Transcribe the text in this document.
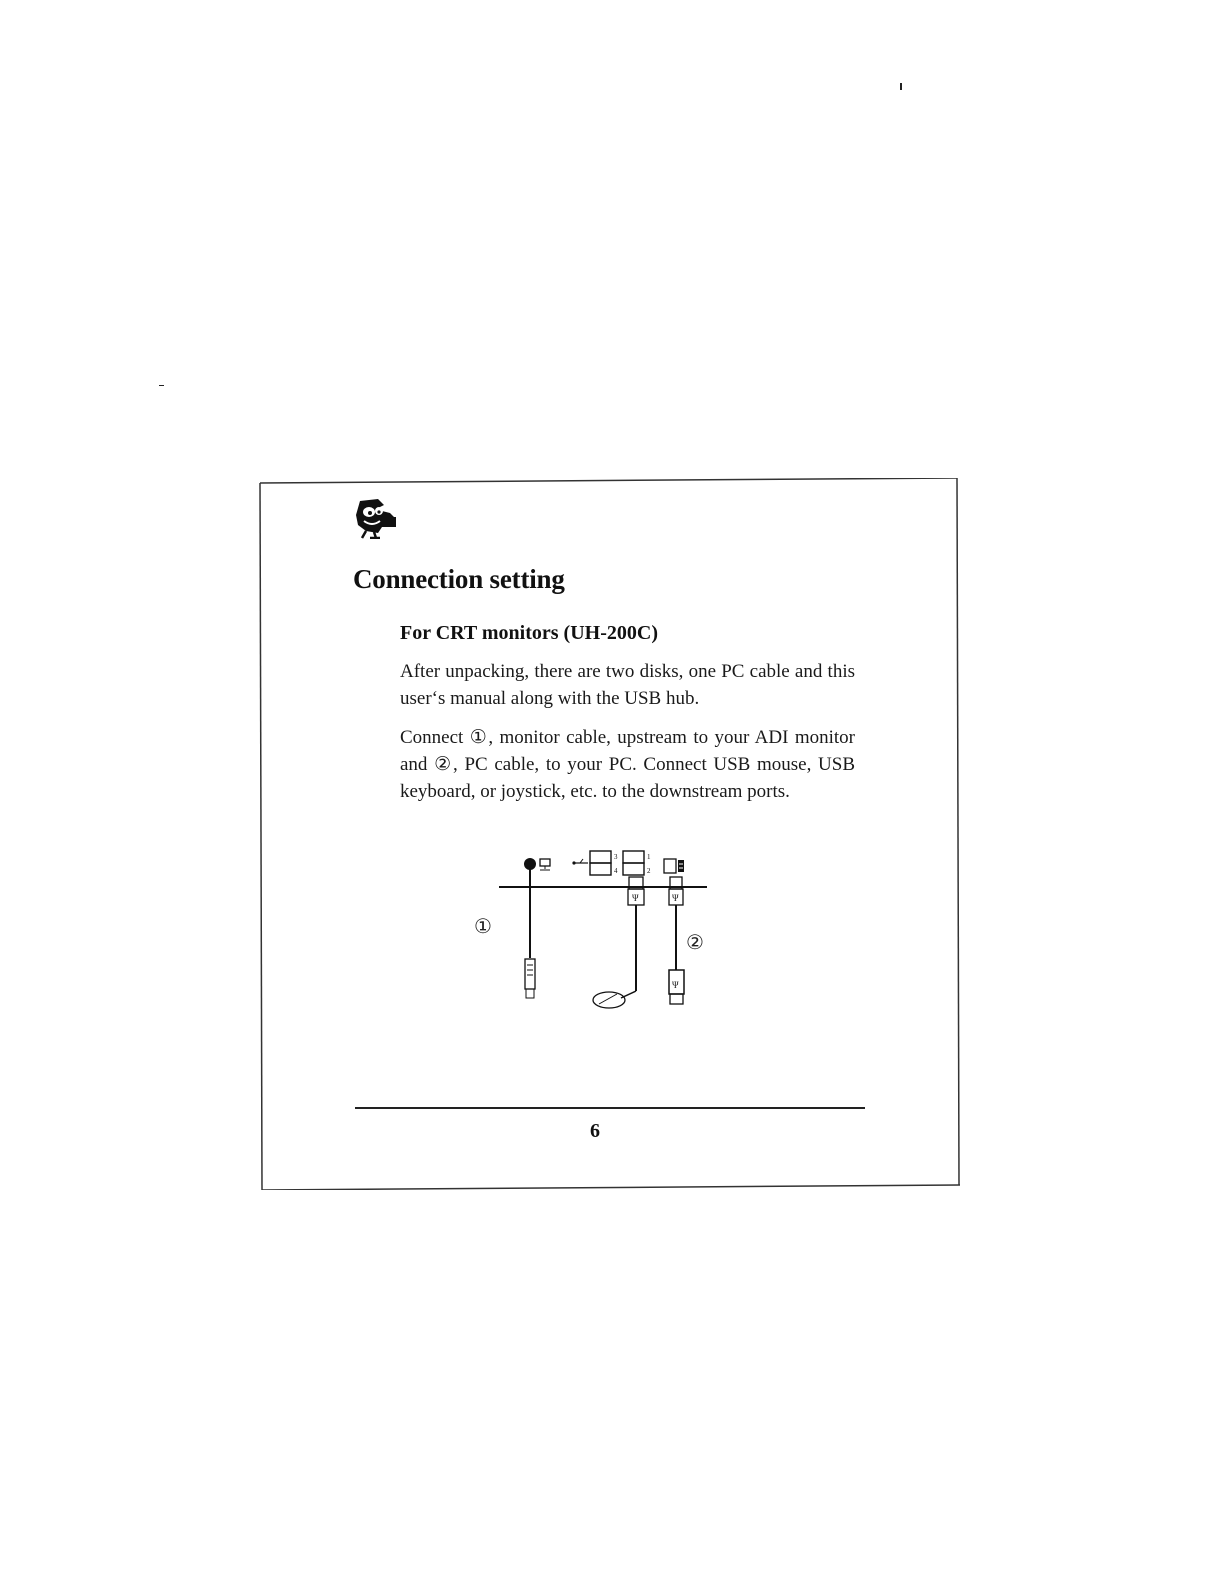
Connection setting
For CRT monitors (UH-200C)

After unpacking, there are two disks, one PC cable and this user‘s manual along with the USB hub.

Connect ①, monitor cable, upstream to your ADI monitor and ②, PC cable, to your PC. Connect USB mouse, USB keyboard, or joystick, etc. to the downstream ports.

3
4
1
2
Ψ	Ψ
Ψ
①
②
6
